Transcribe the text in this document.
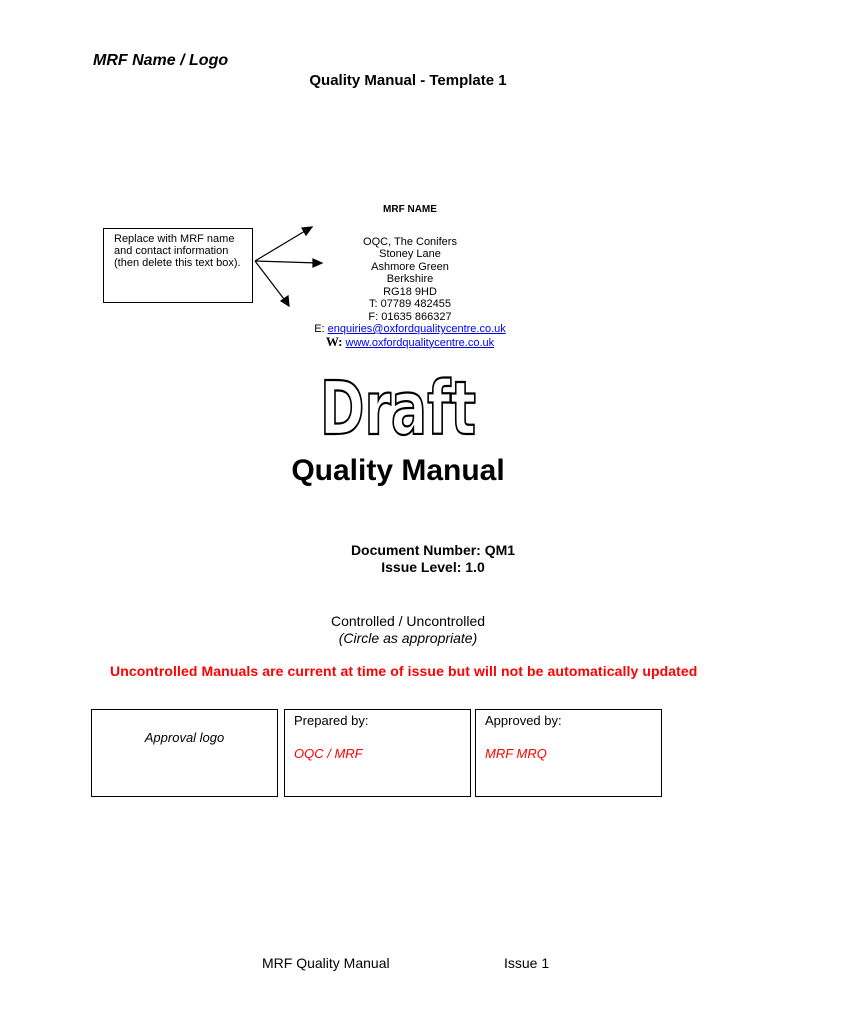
MRF Name / Logo
Quality Manual - Template 1
Replace with MRF name and contact information (then delete this text box).
MRF NAME
OQC, The Conifers
Stoney Lane
Ashmore Green
Berkshire
RG18 9HD
T: 07789 482455
F: 01635 866327
E: enquiries@oxfordqualitycentre.co.uk
W: www.oxfordqualitycentre.co.uk
Draft
Quality Manual
Document Number: QM1
Issue Level: 1.0
Controlled / Uncontrolled
(Circle as appropriate)
Uncontrolled Manuals are current at time of issue but will not be automatically updated
Approval logo
Prepared by:
OQC / MRF
Approved by:
MRF MRQ
MRF Quality Manual	Issue 1
